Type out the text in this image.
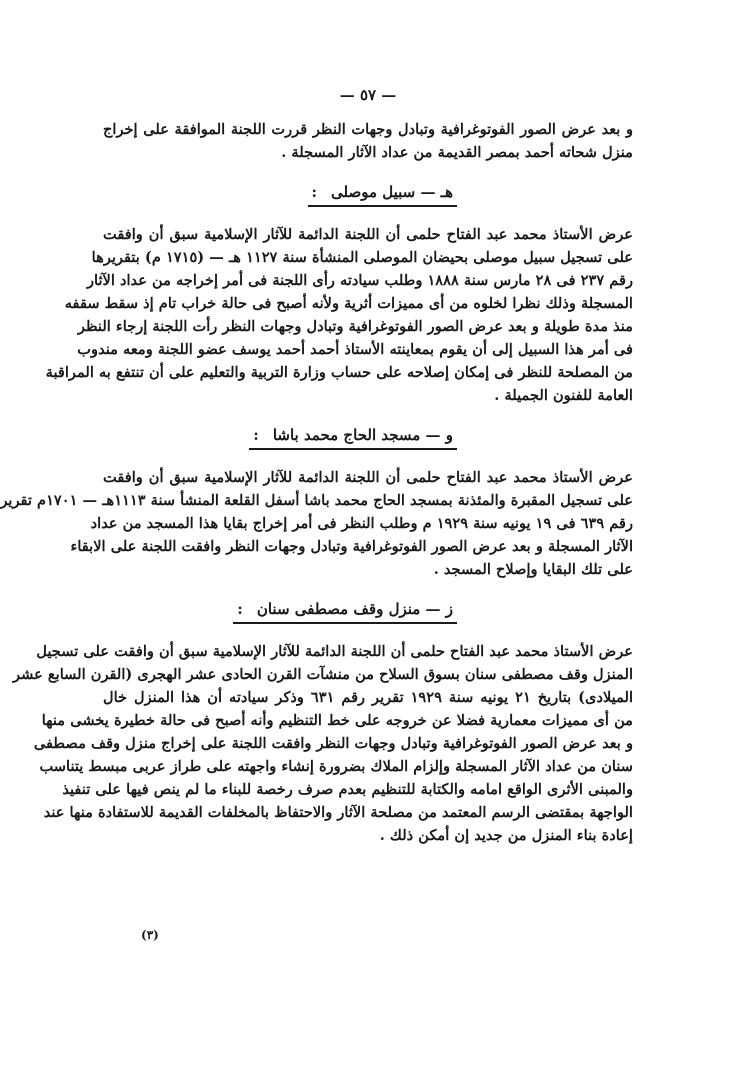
— ٥٧ —
و بعد عرض الصور الفوتوغرافية وتبادل وجهات النظر قررت اللجنة الموافقة على إخراج
منزل شحاته أحمد بمصر القديمة من عداد الآثار المسجلة .
هـ — سبيل موصلى:
عرض الأستاذ محمد عبد الفتاح حلمى أن اللجنة الدائمة للآثار الإسلامية سبق أن وافقت
على تسجيل سبيل موصلى بحيضان الموصلى المنشأة سنة ١١٢٧ هـ — (١٧١٥ م) بتقريرها
رقم ٢٣٧ فى ٢٨ مارس سنة ١٨٨٨ وطلب سيادته رأى اللجنة فى أمر إخراجه من عداد الآثار
المسجلة وذلك نظرا لخلوه من أى مميزات أثرية ولأنه أصبح فى حالة خراب تام إذ سقط سقفه
منذ مدة طويلة و بعد عرض الصور الفوتوغرافية وتبادل وجهات النظر رأت اللجنة إرجاء النظر
فى أمر هذا السبيل إلى أن يقوم بمعاينته الأستاذ أحمد أحمد يوسف عضو اللجنة ومعه مندوب
من المصلحة للنظر فى إمكان إصلاحه على حساب وزارة التربية والتعليم على أن تنتفع به المراقبة
العامة للفنون الجميلة .
و — مسجد الحاج محمد باشا:
عرض الأستاذ محمد عبد الفتاح حلمى أن اللجنة الدائمة للآثار الإسلامية سبق أن وافقت
على تسجيل المقبرة والمئذنة بمسجد الحاج محمد باشا أسفل القلعة المنشأ سنة ١١١٣هـ — ١٧٠١م تقرير
رقم ٦٣٩ فى ١٩ يونيه سنة ١٩٢٩ م وطلب النظر فى أمر إخراج بقايا هذا المسجد من عداد
الآثار المسجلة و بعد عرض الصور الفوتوغرافية وتبادل وجهات النظر وافقت اللجنة على الابقاء
على تلك البقايا وإصلاح المسجد .
ز — منزل وقف مصطفى سنان:
عرض الأستاذ محمد عبد الفتاح حلمى أن اللجنة الدائمة للآثار الإسلامية سبق أن وافقت على تسجيل
المنزل وقف مصطفى سنان بسوق السلاح من منشآت القرن الحادى عشر الهجرى (القرن السابع عشر
الميلادى) بتاريخ ٢١ يونيه سنة ١٩٢٩ تقرير رقم ٦٣١ وذكر سيادته أن هذا المنزل خال
من أى مميزات معمارية فضلا عن خروجه على خط التنظيم وأنه أصبح فى حالة خطيرة يخشى منها
و بعد عرض الصور الفوتوغرافية وتبادل وجهات النظر وافقت اللجنة على إخراج منزل وقف مصطفى
سنان من عداد الآثار المسجلة وإلزام الملاك بضرورة إنشاء واجهته على طراز عربى مبسط يتناسب
والمبنى الأثرى الواقع امامه والكتابة للتنظيم بعدم صرف رخصة للبناء ما لم ينص فيها على تنفيذ
الواجهة بمقتضى الرسم المعتمد من مصلحة الآثار والاحتفاظ بالمخلفات القديمة للاستفادة منها عند
إعادة بناء المنزل من جديد إن أمكن ذلك .
(٣)
